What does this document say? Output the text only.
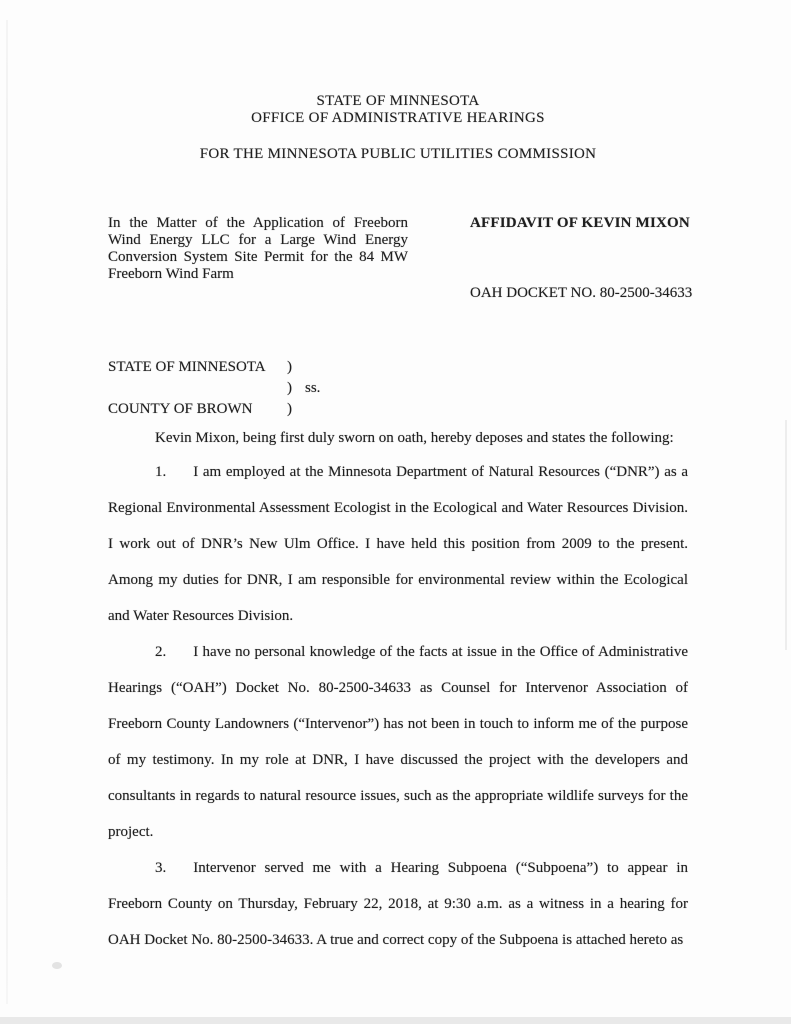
STATE OF MINNESOTA
OFFICE OF ADMINISTRATIVE HEARINGS
FOR THE MINNESOTA PUBLIC UTILITIES COMMISSION
In the Matter of the Application of Freeborn Wind Energy LLC for a Large Wind Energy Conversion System Site Permit for the 84 MW Freeborn Wind Farm
AFFIDAVIT OF KEVIN MIXON
OAH DOCKET NO. 80-2500-34633
STATE OF MINNESOTA	)
) ss.
COUNTY OF BROWN	)

Kevin Mixon, being first duly sworn on oath, hereby deposes and states the following:

1. I am employed at the Minnesota Department of Natural Resources (“DNR”) as a Regional Environmental Assessment Ecologist in the Ecological and Water Resources Division. I work out of DNR’s New Ulm Office. I have held this position from 2009 to the present. Among my duties for DNR, I am responsible for environmental review within the Ecological and Water Resources Division.

2. I have no personal knowledge of the facts at issue in the Office of Administrative Hearings (“OAH”) Docket No. 80-2500-34633 as Counsel for Intervenor Association of Freeborn County Landowners (“Intervenor”) has not been in touch to inform me of the purpose of my testimony. In my role at DNR, I have discussed the project with the developers and consultants in regards to natural resource issues, such as the appropriate wildlife surveys for the project.

3. Intervenor served me with a Hearing Subpoena (“Subpoena”) to appear in Freeborn County on Thursday, February 22, 2018, at 9:30 a.m. as a witness in a hearing for OAH Docket No. 80-2500-34633. A true and correct copy of the Subpoena is attached hereto as
